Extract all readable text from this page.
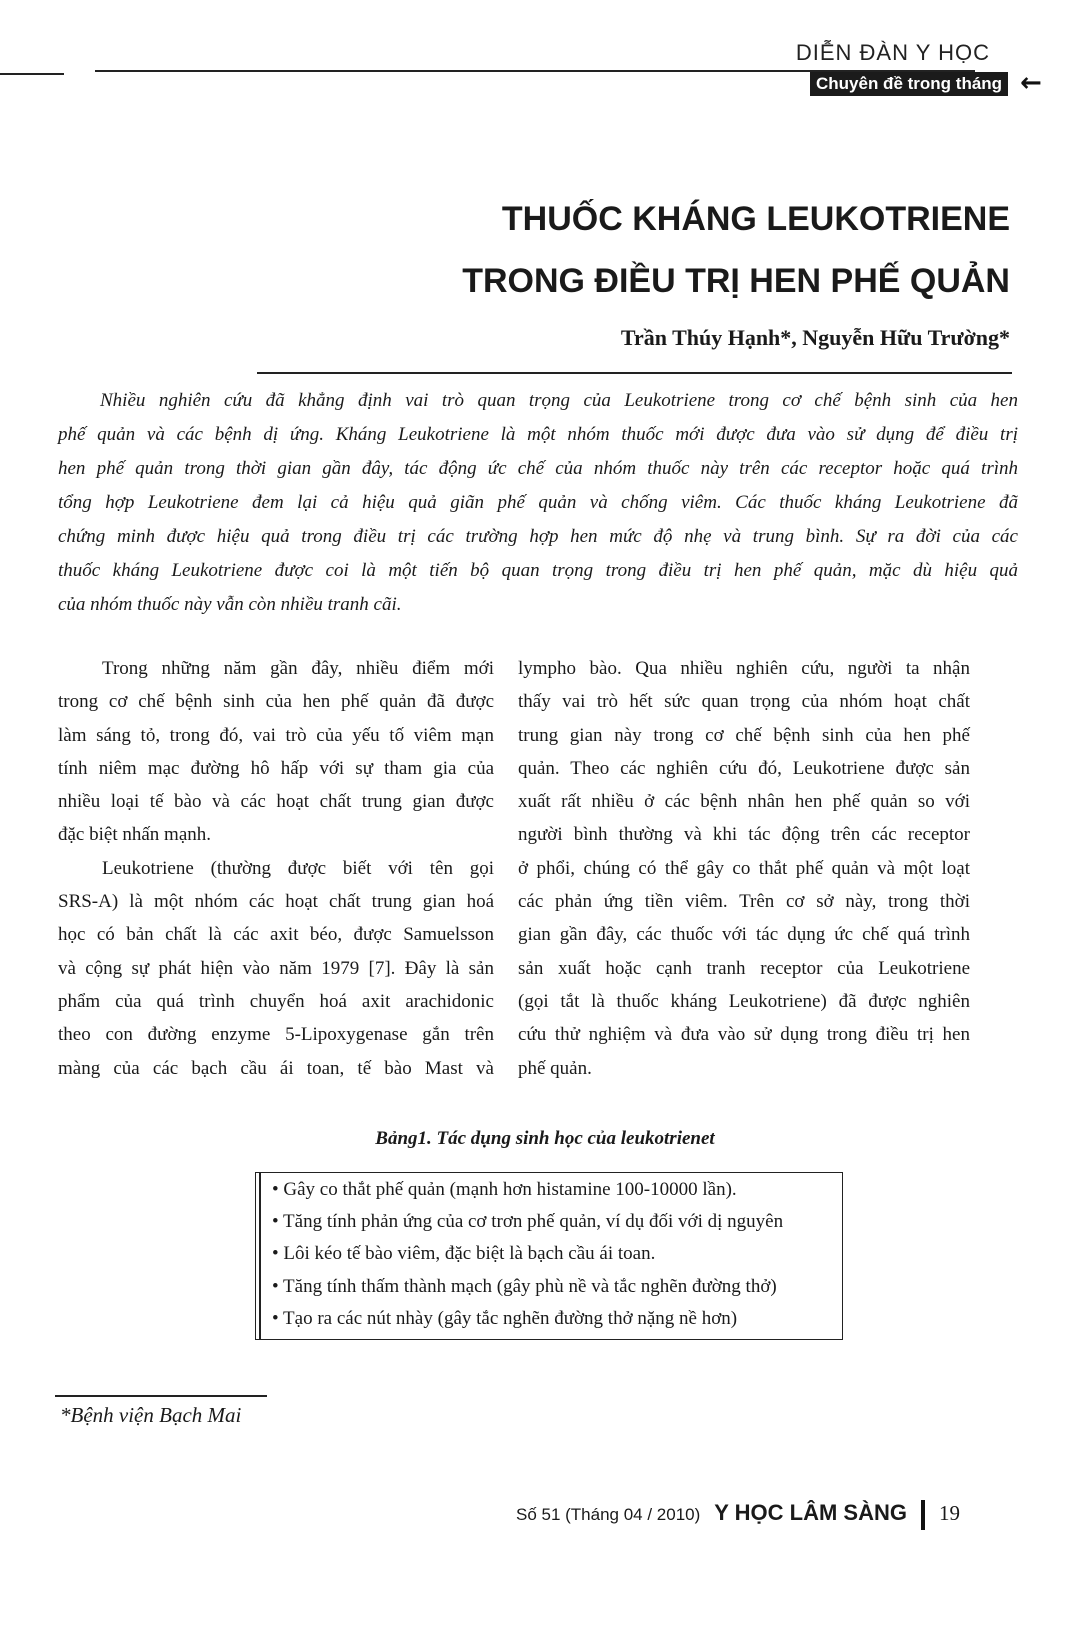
DIỄN ĐÀN Y HỌC
Chuyên đề trong tháng ←
THUỐC KHÁNG LEUKOTRIENE
TRONG ĐIỀU TRỊ HEN PHẾ QUẢN
Trần Thúy Hạnh*, Nguyễn Hữu Trường*
Nhiều nghiên cứu đã khẳng định vai trò quan trọng của Leukotriene trong cơ chế bệnh sinh của hen
phế quản và các bệnh dị ứng. Kháng Leukotriene là một nhóm thuốc mới được đưa vào sử dụng để điều trị
hen phế quản trong thời gian gần đây, tác động ức chế của nhóm thuốc này trên các receptor hoặc quá trình
tổng hợp Leukotriene đem lại cả hiệu quả giãn phế quản và chống viêm. Các thuốc kháng Leukotriene đã
chứng minh được hiệu quả trong điều trị các trường hợp hen mức độ nhẹ và trung bình. Sự ra đời của các
thuốc kháng Leukotriene được coi là một tiến bộ quan trọng trong điều trị hen phế quản, mặc dù hiệu quả
của nhóm thuốc này vẫn còn nhiều tranh cãi.
Trong những năm gần đây, nhiều điểm mới
trong cơ chế bệnh sinh của hen phế quản đã được
làm sáng tỏ, trong đó, vai trò của yếu tố viêm mạn
tính niêm mạc đường hô hấp với sự tham gia của
nhiều loại tế bào và các hoạt chất trung gian được
đặc biệt nhấn mạnh.
Leukotriene (thường được biết với tên gọi
SRS-A) là một nhóm các hoạt chất trung gian hoá
học có bản chất là các axit béo, được Samuelsson
và cộng sự phát hiện vào năm 1979 [7]. Đây là sản
phẩm của quá trình chuyển hoá axit arachidonic
theo con đường enzyme 5-Lipoxygenase gắn trên
màng của các bạch cầu ái toan, tế bào Mast và
lympho bào. Qua nhiều nghiên cứu, người ta nhận
thấy vai trò hết sức quan trọng của nhóm hoạt chất
trung gian này trong cơ chế bệnh sinh của hen phế
quản. Theo các nghiên cứu đó, Leukotriene được sản
xuất rất nhiều ở các bệnh nhân hen phế quản so với
người bình thường và khi tác động trên các receptor
ở phổi, chúng có thể gây co thắt phế quản và một loạt
các phản ứng tiền viêm. Trên cơ sở này, trong thời
gian gần đây, các thuốc với tác dụng ức chế quá trình
sản xuất hoặc cạnh tranh receptor của Leukotriene
(gọi tắt là thuốc kháng Leukotriene) đã được nghiên
cứu thử nghiệm và đưa vào sử dụng trong điều trị hen
phế quản.
Bảng1. Tác dụng sinh học của leukotrienet
• Gây co thắt phế quản (mạnh hơn histamine 100-10000 lần).
• Tăng tính phản ứng của cơ trơn phế quản, ví dụ đối với dị nguyên
• Lôi kéo tế bào viêm, đặc biệt là bạch cầu ái toan.
• Tăng tính thấm thành mạch (gây phù nề và tắc nghẽn đường thở)
• Tạo ra các nút nhày (gây tắc nghẽn đường thở nặng nề hơn)
*Bệnh viện Bạch Mai
Số 51 (Tháng 04 / 2010) Y HỌC LÂM SÀNG 19
